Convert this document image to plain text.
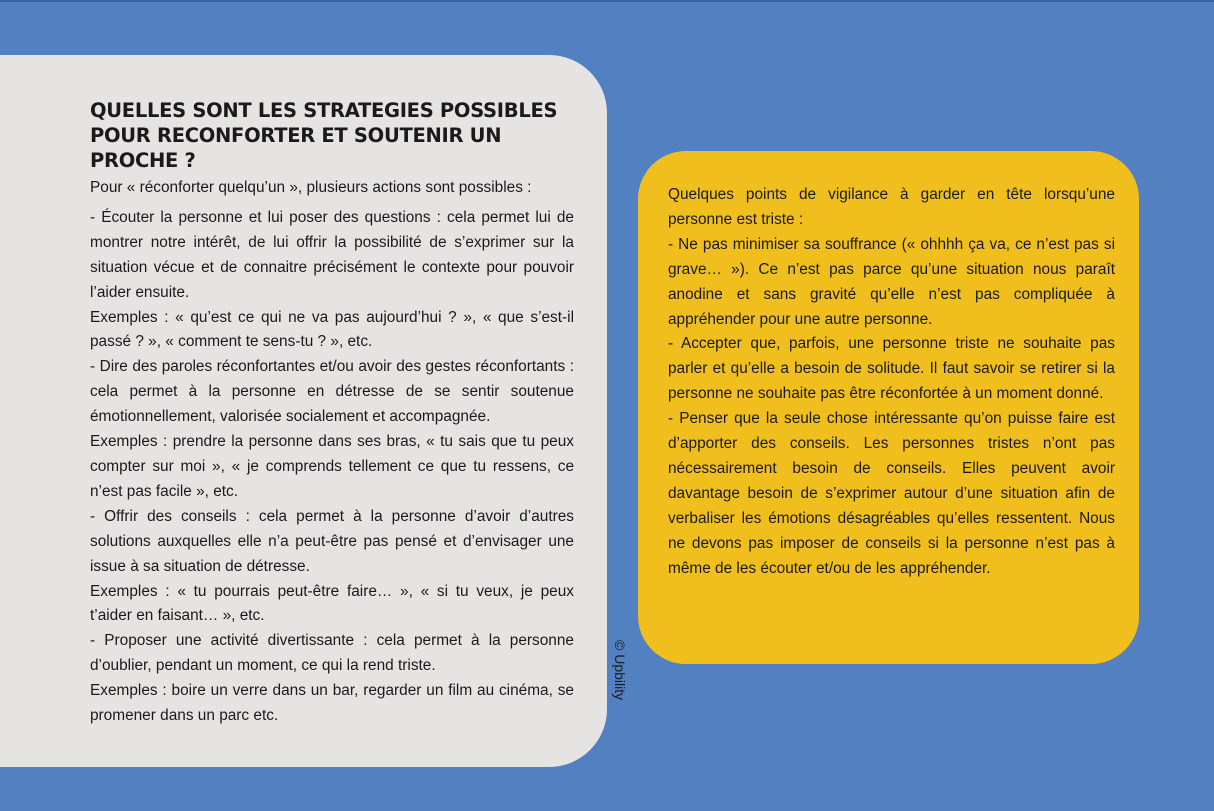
QUELLES SONT LES STRATEGIES POSSIBLES POUR RECONFORTER ET SOUTENIR UN PROCHE ?

Pour « réconforter quelqu’un », plusieurs actions sont possibles :

- Écouter la personne et lui poser des questions : cela permet lui de montrer notre intérêt, de lui offrir la possibilité de s’exprimer sur la situation vécue et de connaitre précisément le contexte pour pouvoir l’aider ensuite.

Exemples : « qu’est ce qui ne va pas aujourd’hui ? », « que s’est-il passé ? », « comment te sens-tu ? », etc.

- Dire des paroles réconfortantes et/ou avoir des gestes réconfortants : cela permet à la personne en détresse de se sentir soutenue émotionnellement, valorisée socialement et accompagnée.

Exemples : prendre la personne dans ses bras, « tu sais que tu peux compter sur moi », « je comprends tellement ce que tu ressens, ce n’est pas facile », etc.

- Offrir des conseils : cela permet à la personne d’avoir d’autres solutions auxquelles elle n’a peut-être pas pensé et d’envisager une issue à sa situation de détresse.

Exemples : « tu pourrais peut-être faire… », « si tu veux, je peux t’aider en faisant… », etc.

- Proposer une activité divertissante : cela permet à la personne d’oublier, pendant un moment, ce qui la rend triste.

Exemples : boire un verre dans un bar, regarder un film au cinéma, se promener dans un parc etc.

© Upbility

Quelques points de vigilance à garder en tête lorsqu’une personne est triste :

- Ne pas minimiser sa souffrance (« ohhhh ça va, ce n’est pas si grave… »). Ce n’est pas parce qu’une situation nous paraît anodine et sans gravité qu’elle n’est pas compliquée à appréhender pour une autre personne.

- Accepter que, parfois, une personne triste ne souhaite pas parler et qu’elle a besoin de solitude. Il faut savoir se retirer si la personne ne souhaite pas être réconfortée à un moment donné.

- Penser que la seule chose intéressante qu’on puisse faire est d’apporter des conseils. Les personnes tristes n’ont pas nécessairement besoin de conseils. Elles peuvent avoir davantage besoin de s’exprimer autour d’une situation afin de verbaliser les émotions désagréables qu’elles ressentent. Nous ne devons pas imposer de conseils si la personne n’est pas à même de les écouter et/ou de les appréhender.
